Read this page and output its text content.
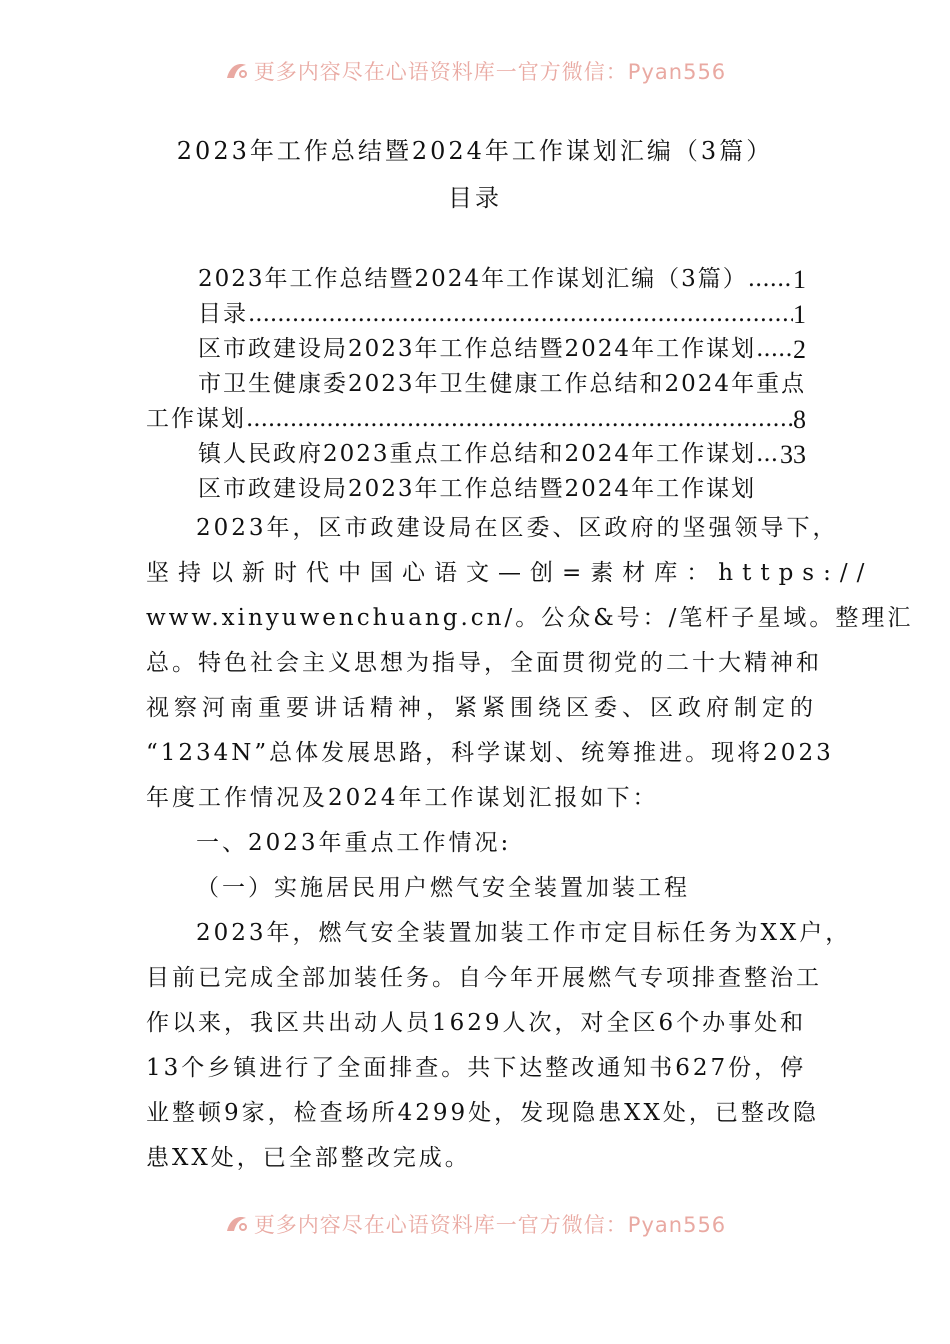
更多内容尽在心语资料库一官方微信：Pyan556
2023年工作总结暨2024年工作谋划汇编（3篇）
目录
2023年工作总结暨2024年工作谋划汇编（3篇） ..... 1
目录 .....	1
区市政建设局2023年工作总结暨2024年工作谋划 ..... 2
市卫生健康委2023年卫生健康工作总结和2024年重点
工作谋划 .....	8
镇人民政府2023重点工作总结和2024年工作谋划 ..... 33
区市政建设局2023年工作总结暨2024年工作谋划
2023年，区市政建设局在区委、区政府的坚强领导下，
坚持以新时代中国心语文—创=素材库：https://
www.xinyuwenchuang.cn/。公众&号：/笔杆子星域。整理汇
总。特色社会主义思想为指导，全面贯彻党的二十大精神和
视察河南重要讲话精神，紧紧围绕区委、区政府制定的
“1234N”总体发展思路，科学谋划、统筹推进。现将2023
年度工作情况及2024年工作谋划汇报如下：
一、2023年重点工作情况:
（一）实施居民用户燃气安全装置加装工程
2023年，燃气安全装置加装工作市定目标任务为XX户，
目前已完成全部加装任务。自今年开展燃气专项排查整治工
作以来，我区共出动人员1629人次，对全区6个办事处和
13个乡镇进行了全面排查。共下达整改通知书627份，停
业整顿9家，检查场所4299处，发现隐患XX处，已整改隐
患XX处，已全部整改完成。
更多内容尽在心语资料库一官方微信：Pyan556
